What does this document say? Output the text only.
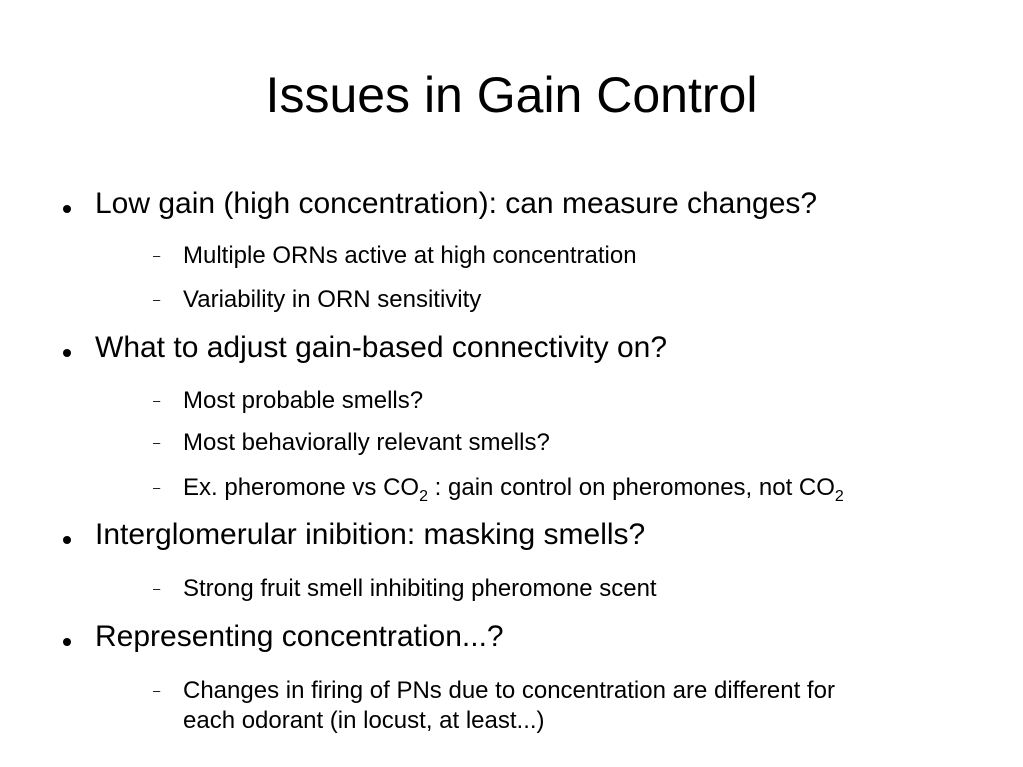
Issues in Gain Control
Low gain (high concentration): can measure changes?
– Multiple ORNs active at high concentration
– Variability in ORN sensitivity
What to adjust gain-based connectivity on?
– Most probable smells?
– Most behaviorally relevant smells?
– Ex. pheromone vs $CO_2$ : gain control on pheromones, not $CO_2$
Interglomerular inibition: masking smells?
– Strong fruit smell inhibiting pheromone scent
Representing concentration...?
– Changes in firing of PNs due to concentration are different for
each odorant (in locust, at least...)
